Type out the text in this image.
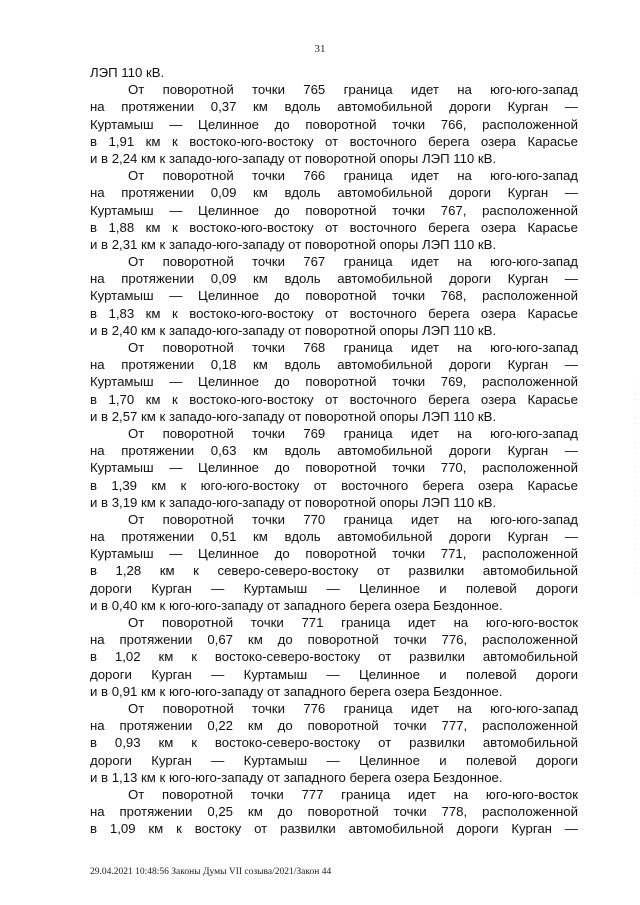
31
ЛЭП 110 кВ.
От поворотной точки 765 граница идет на юго-юго-запад
на протяжении 0,37 км вдоль автомобильной дороги Курган —
Куртамыш — Целинное до поворотной точки 766, расположенной
в 1,91 км к востоко-юго-востоку от восточного берега озера Карасье
и в 2,24 км к западо-юго-западу от поворотной опоры ЛЭП 110 кВ.
От поворотной точки 766 граница идет на юго-юго-запад
на протяжении 0,09 км вдоль автомобильной дороги Курган —
Куртамыш — Целинное до поворотной точки 767, расположенной
в 1,88 км к востоко-юго-востоку от восточного берега озера Карасье
и в 2,31 км к западо-юго-западу от поворотной опоры ЛЭП 110 кВ.
От поворотной точки 767 граница идет на юго-юго-запад
на протяжении 0,09 км вдоль автомобильной дороги Курган —
Куртамыш — Целинное до поворотной точки 768, расположенной
в 1,83 км к востоко-юго-востоку от восточного берега озера Карасье
и в 2,40 км к западо-юго-западу от поворотной опоры ЛЭП 110 кВ.
От поворотной точки 768 граница идет на юго-юго-запад
на протяжении 0,18 км вдоль автомобильной дороги Курган —
Куртамыш — Целинное до поворотной точки 769, расположенной
в 1,70 км к востоко-юго-востоку от восточного берега озера Карасье
и в 2,57 км к западо-юго-западу от поворотной опоры ЛЭП 110 кВ.
От поворотной точки 769 граница идет на юго-юго-запад
на протяжении 0,63 км вдоль автомобильной дороги Курган —
Куртамыш — Целинное до поворотной точки 770, расположенной
в 1,39 км к юго-юго-востоку от восточного берега озера Карасье
и в 3,19 км к западо-юго-западу от поворотной опоры ЛЭП 110 кВ.
От поворотной точки 770 граница идет на юго-юго-запад
на протяжении 0,51 км вдоль автомобильной дороги Курган —
Куртамыш — Целинное до поворотной точки 771, расположенной
в 1,28 км к северо-северо-востоку от развилки автомобильной
дороги Курган — Куртамыш — Целинное и полевой дороги
и в 0,40 км к юго-юго-западу от западного берега озера Бездонное.
От поворотной точки 771 граница идет на юго-юго-восток
на протяжении 0,67 км до поворотной точки 776, расположенной
в 1,02 км к востоко-северо-востоку от развилки автомобильной
дороги Курган — Куртамыш — Целинное и полевой дороги
и в 0,91 км к юго-юго-западу от западного берега озера Бездонное.
От поворотной точки 776 граница идет на юго-юго-запад
на протяжении 0,22 км до поворотной точки 777, расположенной
в 0,93 км к востоко-северо-востоку от развилки автомобильной
дороги Курган — Куртамыш — Целинное и полевой дороги
и в 1,13 км к юго-юго-западу от западного берега озера Бездонное.
От поворотной точки 777 граница идет на юго-юго-восток
на протяжении 0,25 км до поворотной точки 778, расположенной
в 1,09 км к востоку от развилки автомобильной дороги Курган —
29.04.2021 10:48:56 Законы Думы VII созыва/2021/Закон 44
· · · · · · · · · · · · · · · · · · · · · · · · · · · · · · · · · · · ·
